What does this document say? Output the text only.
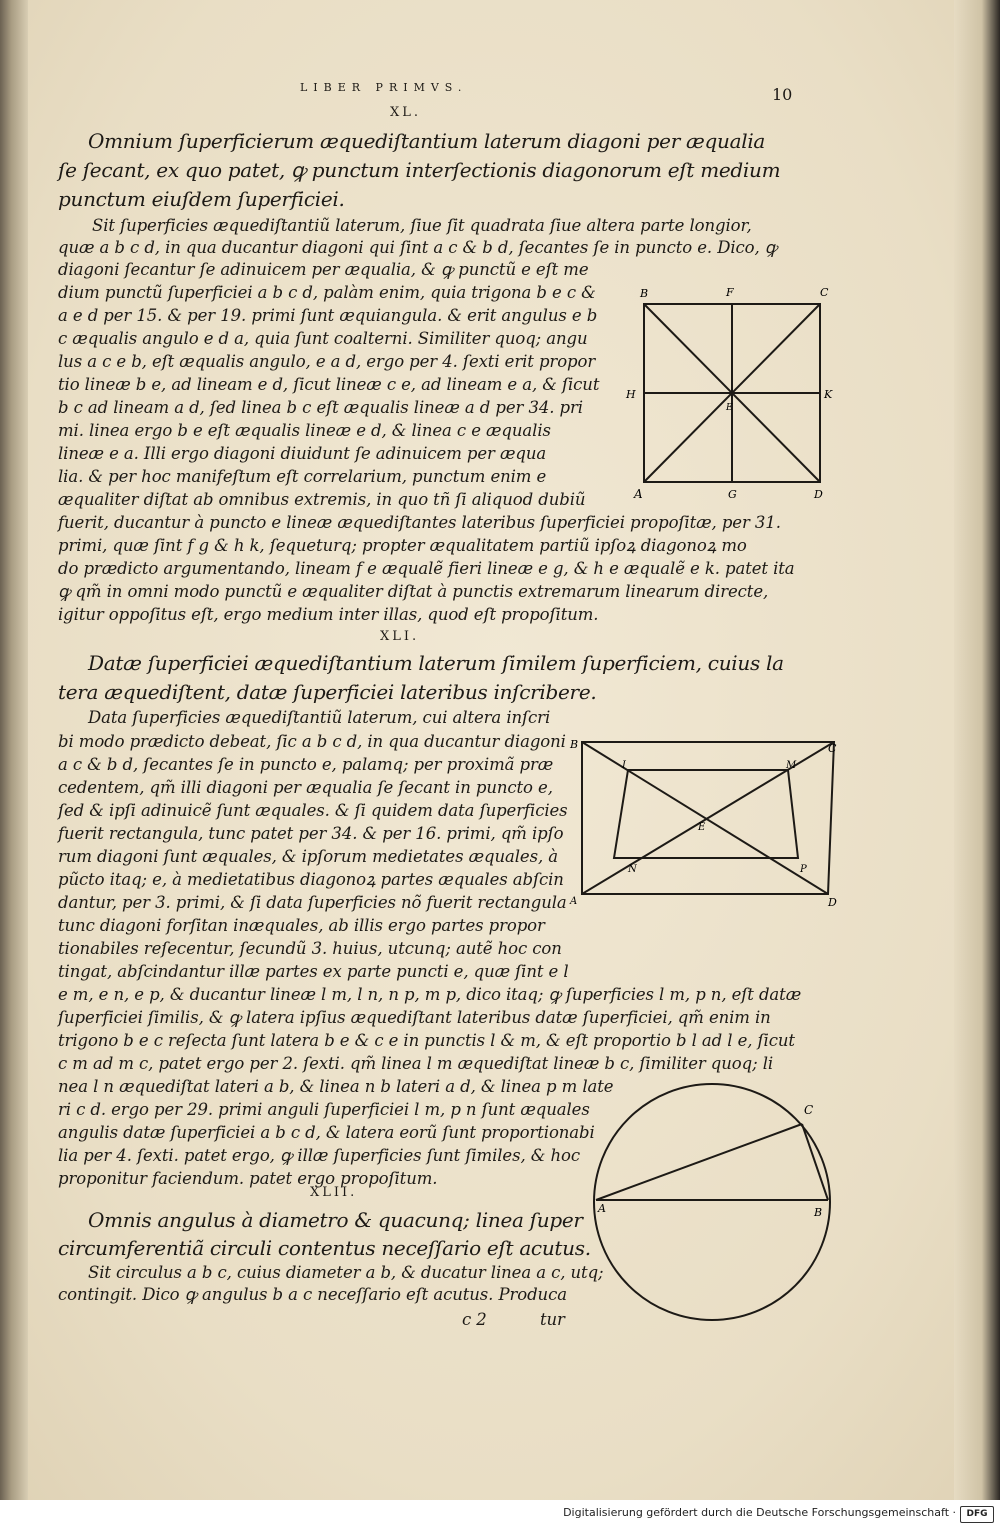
LIBER PRIMVS.	10
XL.
Omnium ſuperficierum æquediſtantium laterum diagoni per æqualia
ſe ſecant, ex quo patet, ꝙ punctum interſectionis diagonorum eſt medium
punctum eiuſdem ſuperficiei.
Sit ſuperficies æquediſtantiũ laterum, ſiue ſit quadrata ſiue altera parte longior,
quæ a b c d, in qua ducantur diagoni qui ſint a c & b d, ſecantes ſe in puncto e. Dico, ꝙ
diagoni ſecantur ſe adinuicem per æqualia, & ꝙ punctũ e eſt me
dium punctũ ſuperficiei a b c d, palàm enim, quia trigona b e c &
a e d per 15. & per 19. primi ſunt æquiangula. & erit angulus e b
c æqualis angulo e d a, quia ſunt coalterni. Similiter quoq; angu
lus a c e b, eſt æqualis angulo, e a d, ergo per 4. ſexti erit propor
tio lineæ b e, ad lineam e d, ſicut lineæ c e, ad lineam e a, & ſicut
b c ad lineam a d, ſed linea b c eſt æqualis lineæ a d per 34. pri
mi. linea ergo b e eſt æqualis lineæ e d, & linea c e æqualis
lineæ e a. Illi ergo diagoni diuidunt ſe adinuicem per æqua
lia. & per hoc manifeſtum eſt correlarium, punctum enim e
æqualiter diſtat ab omnibus extremis, in quo tñ ſi aliquod dubiũ
fuerit, ducantur à puncto e lineæ æquediſtantes lateribus ſuperficiei propoſitæ, per 31.
primi, quæ ſint f g & h k, ſequeturq; propter æqualitatem partiũ ipſoꝝ diagonoꝝ mo
do prædicto argumentando, lineam f e æqualẽ fieri lineæ e g, & h e æqualẽ e k. patet ita
ꝙ qm̃ in omni modo punctũ e æqualiter diſtat à punctis extremarum linearum directe,
igitur oppoſitus eſt, ergo medium inter illas, quod eſt propoſitum.
B	F	C
H	K
E
A	G	D
XLI.
Datæ ſuperficiei æquediſtantium laterum ſimilem ſuperficiem, cuius la
tera æquediſtent, datæ ſuperficiei lateribus inſcribere.
Data ſuperficies æquediſtantiũ laterum, cui altera inſcri
bi modo prædicto debeat, ſic a b c d, in qua ducantur diagoni
a c & b d, ſecantes ſe in puncto e, palamq; per proximã præ
cedentem, qm̃ illi diagoni per æqualia ſe ſecant in puncto e,
ſed & ipſi adinuicẽ ſunt æquales. & ſi quidem data ſuperficies
fuerit rectangula, tunc patet per 34. & per 16. primi, qm̃ ipſo
rum diagoni ſunt æquales, & ipſorum medietates æquales, à
pũcto itaq; e, à medietatibus diagonoꝝ partes æquales abſcin
dantur, per 3. primi, & ſi data ſuperficies nõ fuerit rectangula
tunc diagoni forſitan inæquales, ab illis ergo partes propor
tionabiles reſecentur, ſecundũ 3. huius, utcunq; autẽ hoc con
tingat, abſcindantur illæ partes ex parte puncti e, quæ ſint e l
e m, e n, e p, & ducantur lineæ l m, l n, n p, m p, dico itaq; ꝙ ſuperficies l m, p n, eſt datæ
ſuperficiei ſimilis, & ꝙ latera ipſius æquediſtant lateribus datæ ſuperficiei, qm̃ enim in
trigono b e c reſecta ſunt latera b e & c e in punctis l & m, & eſt proportio b l ad l e, ſicut
c m ad m c, patet ergo per 2. ſexti. qm̃ linea l m æquediſtat lineæ b c, ſimiliter quoq; li
nea l n æquediſtat lateri a b, & linea n b lateri a d, & linea p m late
ri c d. ergo per 29. primi anguli ſuperficiei l m, p n ſunt æquales
angulis datæ ſuperficiei a b c d, & latera eorũ ſunt proportionabi
lia per 4. ſexti. patet ergo, ꝙ illæ ſuperficies ſunt ſimiles, & hoc
proponitur faciendum. patet ergo propoſitum.
B	C
I	M
E
N	P
A	D
XLII.
Omnis angulus à diametro & quacunq; linea ſuper
circumferentiã circuli contentus neceſſario eſt acutus.
Sit circulus a b c, cuius diameter a b, & ducatur linea a c, utq;
contingit. Dico ꝙ angulus b a c neceſſario eſt acutus. Produca
c 2	tur
C
A	B
Digitalisierung gefördert durch die Deutsche Forschungsgemeinschaft ·	DFG
